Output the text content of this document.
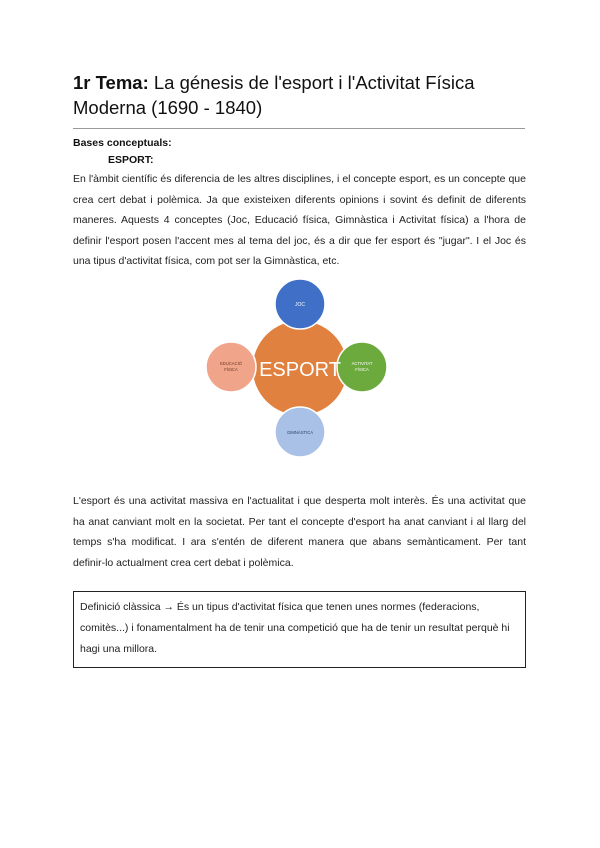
1r Tema: La génesis de l'esport i l'Activitat Física Moderna (1690 - 1840)
Bases conceptuals:
ESPORT:
En l'àmbit científic és diferencia de les altres disciplines, i el concepte esport, es un concepte que crea cert debat i polèmica. Ja que existeixen diferents opinions i sovint és definit de diferents maneres. Aquests 4 conceptes (Joc, Educació física, Gimnàstica i Activitat física) a l'hora de definir l'esport posen l'accent mes al tema del joc, és a dir que fer esport és "jugar". I el Joc és una tipus d'activitat física, com pot ser la Gimnàstica, etc.
ESPORT
JOC
EDUCACIÓ
FÍSICA
ACTIVITAT
FÍSICA
GIMNÀSTICA
L'esport és una activitat massiva en l'actualitat i que desperta molt interès. És una activitat que ha anat canviant molt en la societat. Per tant el concepte d'esport ha anat canviant i al llarg del temps s'ha modificat. I ara s'entén de diferent manera que abans semànticament. Per tant definir-lo actualment crea cert debat i polèmica.
Definició clàssica → És un tipus d'activitat física que tenen unes normes (federacions, comitès...) i fonamentalment ha de tenir una competició que ha de tenir un resultat perquè hi hagi una millora.
